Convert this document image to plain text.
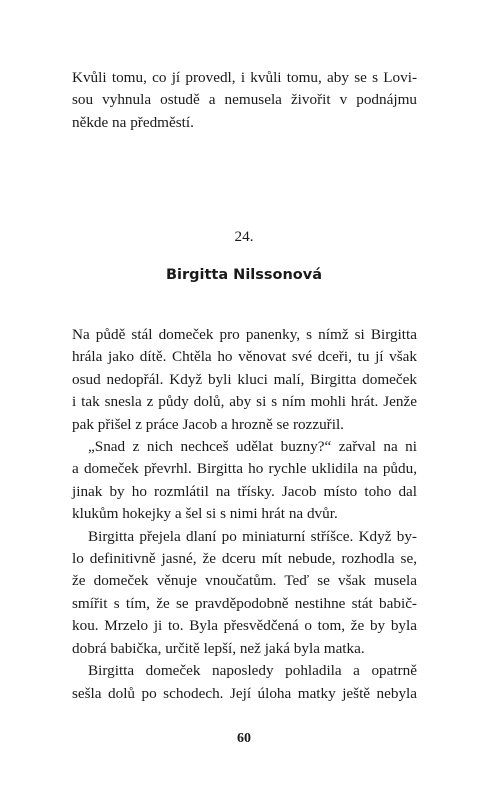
Kvůli tomu, co jí provedl, i kvůli tomu, aby se s Lovi-

sou vyhnula ostudě a nemusela živořit v podnájmu

někde na předměstí.

24.
Birgitta Nilssonová

Na půdě stál domeček pro panenky, s nímž si Birgitta

hrála jako dítě. Chtěla ho věnovat své dceři, tu jí však

osud nedopřál. Když byli kluci malí, Birgitta domeček

i tak snesla z půdy dolů, aby si s ním mohli hrát. Jenže

pak přišel z práce Jacob a hrozně se rozzuřil.

„Snad z nich nechceš udělat buzny?“ zařval na ni

a domeček převrhl. Birgitta ho rychle uklidila na půdu,

jinak by ho rozmlátil na třísky. Jacob místo toho dal

klukům hokejky a šel si s nimi hrát na dvůr.

Birgitta přejela dlaní po miniaturní stříšce. Když by-

lo definitivně jasné, že dceru mít nebude, rozhodla se,

že domeček věnuje vnoučatům. Teď se však musela

smířit s tím, že se pravděpodobně nestihne stát babič-

kou. Mrzelo ji to. Byla přesvědčená o tom, že by byla

dobrá babička, určitě lepší, než jaká byla matka.

Birgitta domeček naposledy pohladila a opatrně

sešla dolů po schodech. Její úloha matky ještě nebyla

60
